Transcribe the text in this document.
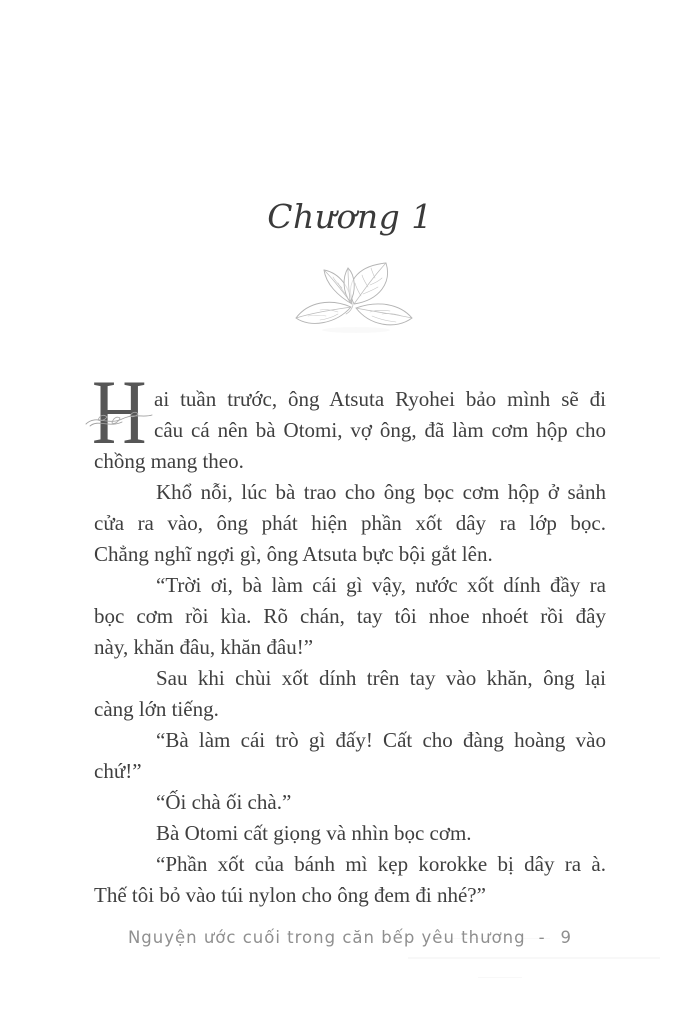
Chương 1
H ai tuần trước, ông Atsuta Ryohei bảo mình sẽ đi
câu cá nên bà Otomi, vợ ông, đã làm cơm hộp cho
chồng mang theo.
Khổ nỗi, lúc bà trao cho ông bọc cơm hộp ở sảnh
cửa ra vào, ông phát hiện phần xốt dây ra lớp bọc.
Chẳng nghĩ ngợi gì, ông Atsuta bực bội gắt lên.
“Trời ơi, bà làm cái gì vậy, nước xốt dính đầy ra
bọc cơm rồi kìa. Rõ chán, tay tôi nhoe nhoét rồi đây
này, khăn đâu, khăn đâu!”
Sau khi chùi xốt dính trên tay vào khăn, ông lại
càng lớn tiếng.
“Bà làm cái trò gì đấy! Cất cho đàng hoàng vào
chứ!”
“Ối chà ối chà.”
Bà Otomi cất giọng và nhìn bọc cơm.
“Phần xốt của bánh mì kẹp korokke bị dây ra à.
Thế tôi bỏ vào túi nylon cho ông đem đi nhé?”
Nguyện ước cuối trong căn bếp yêu thương - 9
